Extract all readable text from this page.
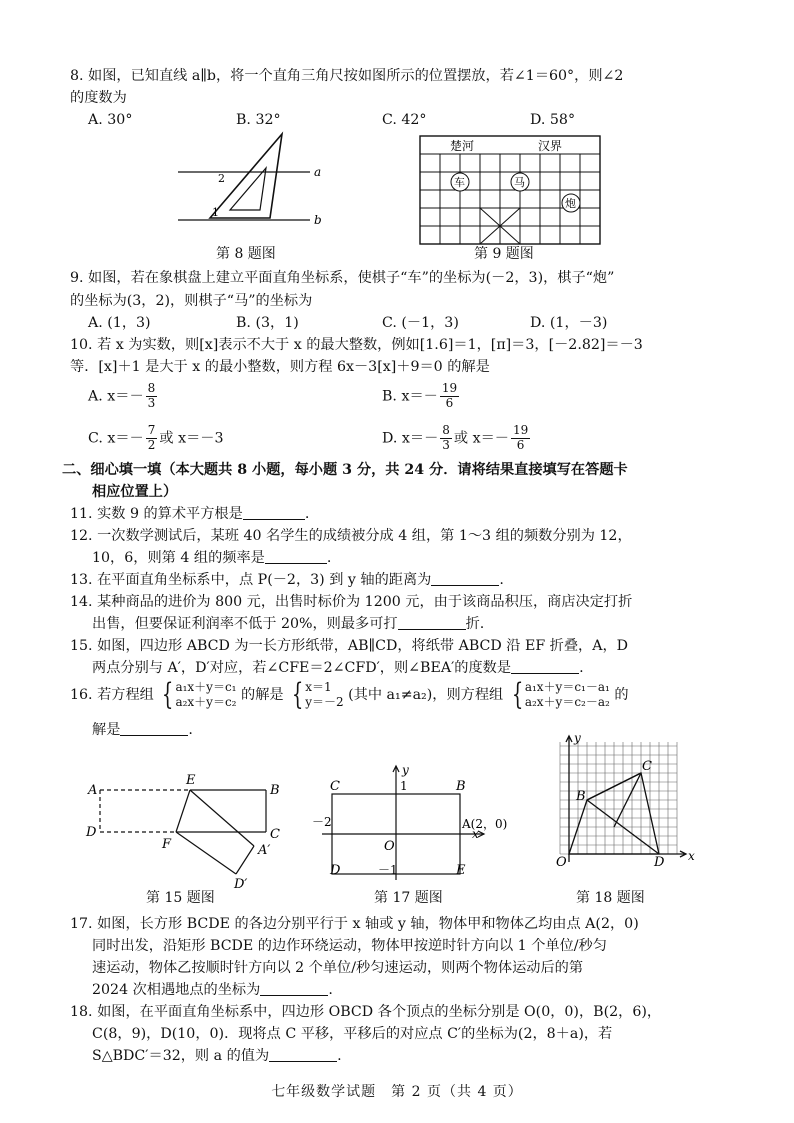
8. 如图，已知直线 a∥b，将一个直角三角尺按如图所示的位置摆放，若∠1＝60°，则∠2
的度数为
A. 30°	B. 32°	C. 42°	D. 58°
a
b
1
2
第 8 题图
楚河	汉界
车	马
炮
第 9 题图
9. 如图，若在象棋盘上建立平面直角坐标系，使棋子“车”的坐标为(－2，3)，棋子“炮”
的坐标为(3，2)，则棋子“马”的坐标为
A. (1，3)	B. (3，1)	C. (－1，3)	D. (1，－3)
10. 若 x 为实数，则[x]表示不大于 x 的最大整数，例如[1.6]＝1，[π]＝3，[－2.82]＝－3
等．[x]＋1 是大于 x 的最小整数，则方程 6x－3[x]＋9＝0 的解是
A. $x=- \frac{8}{3}$	B. $x=- \frac{19}{6}$
C. $x=- \frac{7}{2}$ 或 x＝－3	D. $x=- \frac{8}{3}$ 或 $x=- \frac{19}{6}$
二、细心填一填（本大题共 8 小题，每小题 3 分，共 24 分．请将结果直接填写在答题卡
相应位置上）
11. 实数 9 的算术平方根是	.
12. 一次数学测试后，某班 40 名学生的成绩被分成 4 组，第 1～3 组的频数分别为 12，
10，6，则第 4 组的频率是	.
13. 在平面直角坐标系中，点 P(－2，3) 到 y 轴的距离为	.
14. 某种商品的进价为 800 元，出售时标价为 1200 元，由于该商品积压，商店决定打折
出售，但要保证利润率不低于 20%，则最多可打	折.
15. 如图，四边形 ABCD 为一长方形纸带，AB∥CD，将纸带 ABCD 沿 EF 折叠，A，D
两点分别与 A′，D′对应，若∠CFE＝2∠CFD′，则∠BEA′的度数是	.
16. 若方程组 { a₁x＋y＝c₁
a₂x＋y＝c₂ 的解是 { x＝1
y＝－2 (其中 a₁≠a₂)，则方程组 { a₁x＋y＝c₁－a₁
a₂x＋y＝c₂－a₂ 的
解是	.
A
E
B
D	C
F	A′
D′
第 15 题图
y
C	1	B
－2	A(2，0)
x
O
D	－1	E
第 17 题图
y
C
B
O	D x
第 18 题图
17. 如图，长方形 BCDE 的各边分别平行于 x 轴或 y 轴，物体甲和物体乙均由点 A(2，0)
同时出发，沿矩形 BCDE 的边作环绕运动，物体甲按逆时针方向以 1 个单位/秒匀
速运动，物体乙按顺时针方向以 2 个单位/秒匀速运动，则两个物体运动后的第
2024 次相遇地点的坐标为	.
18. 如图，在平面直角坐标系中，四边形 OBCD 各个顶点的坐标分别是 O(0，0)，B(2，6)，
C(8，9)，D(10，0)．现将点 C 平移，平移后的对应点 C′的坐标为(2，8＋a)，若
S△BDC′＝32，则 a 的值为	.
七年级数学试题　第 2 页（共 4 页）
